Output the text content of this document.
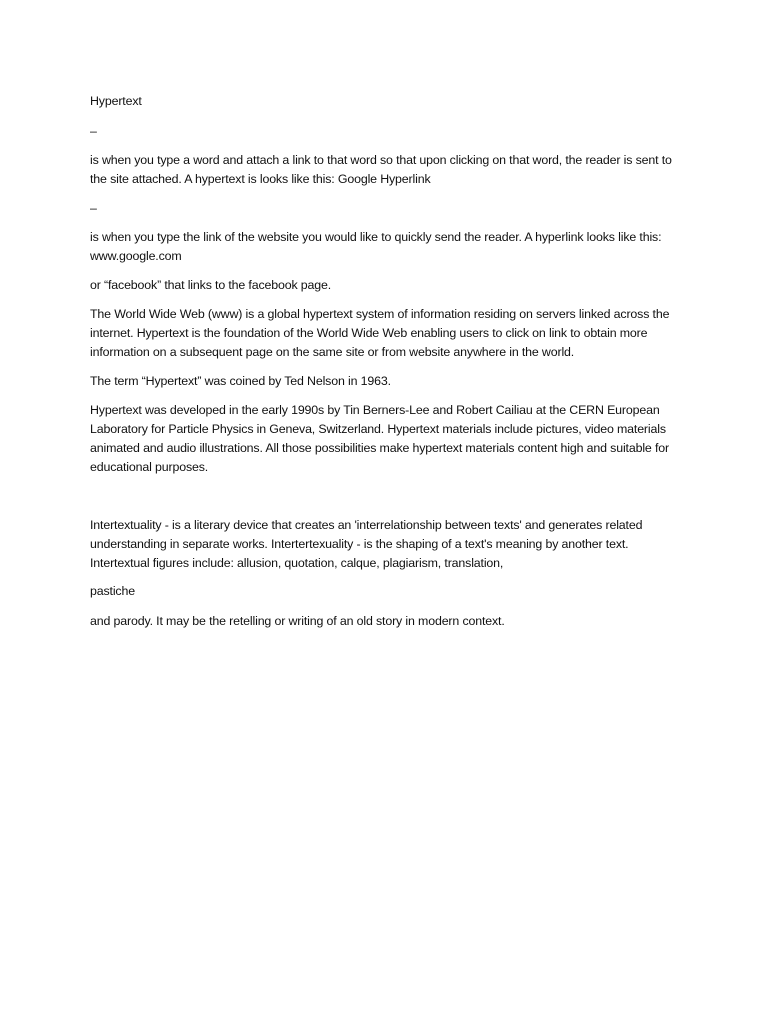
Hypertext

–

is when you type a word and attach a link to that word so that upon clicking on that word, the reader is sent to the site attached. A hypertext is looks like this: Google Hyperlink

–

is when you type the link of the website you would like to quickly send the reader. A hyperlink looks like this: www.google.com

or “facebook” that links to the facebook page.

The World Wide Web (www) is a global hypertext system of information residing on servers linked across the internet. Hypertext is the foundation of the World Wide Web enabling users to click on link to obtain more information on a subsequent page on the same site or from website anywhere in the world.

The term “Hypertext” was coined by Ted Nelson in 1963.

Hypertext was developed in the early 1990s by Tin Berners-Lee and Robert Cailiau at the CERN European Laboratory for Particle Physics in Geneva, Switzerland. Hypertext materials include pictures, video materials animated and audio illustrations. All those possibilities make hypertext materials content high and suitable for educational purposes.

Intertextuality - is a literary device that creates an 'interrelationship between texts' and generates related understanding in separate works. Intertertexuality - is the shaping of a text's meaning by another text. Intertextual figures include: allusion, quotation, calque, plagiarism, translation,

pastiche

and parody. It may be the retelling or writing of an old story in modern context.
